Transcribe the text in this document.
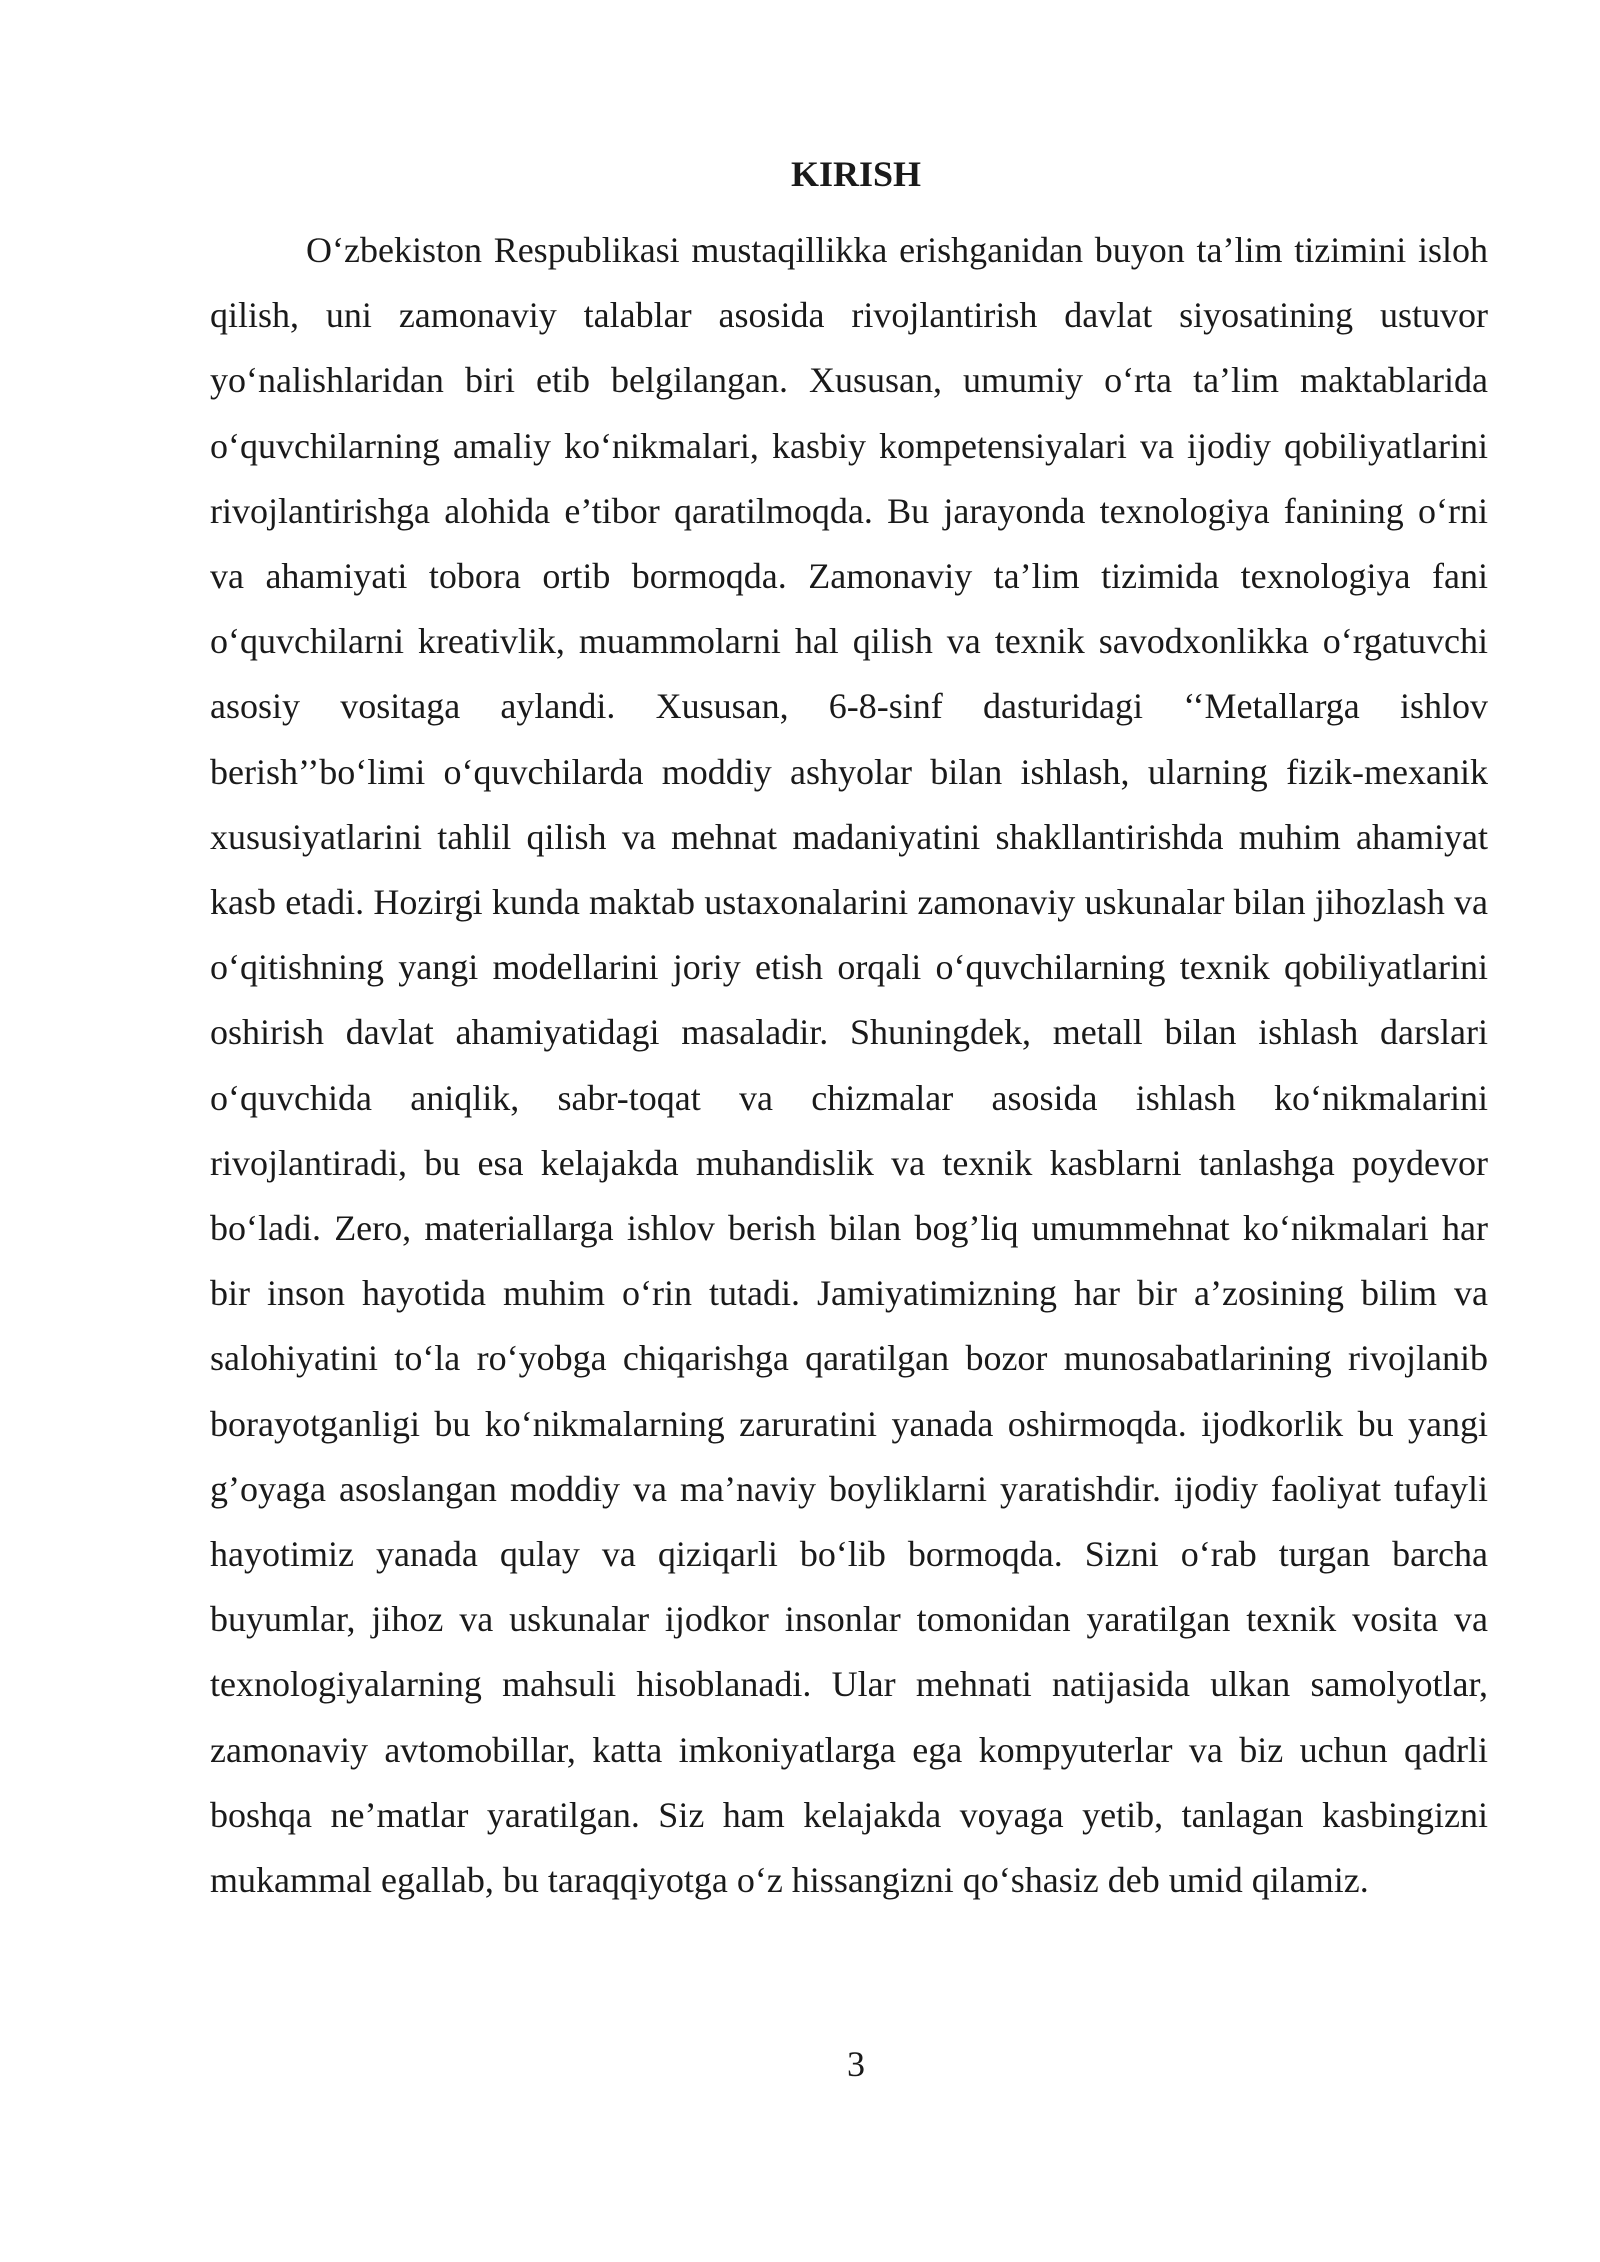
KIRISH

O‘zbekiston Respublikasi mustaqillikka erishganidan buyon ta’lim tizimini isloh qilish, uni zamonaviy talablar asosida rivojlantirish davlat siyosatining ustuvor yo‘nalishlaridan biri etib belgilangan. Xususan, umumiy o‘rta ta’lim maktablarida o‘quvchilarning amaliy ko‘nikmalari, kasbiy kompetensiyalari va ijodiy qobiliyatlarini rivojlantirishga alohida e’tibor qaratilmoqda. Bu jarayonda texnologiya fanining o‘rni va ahamiyati tobora ortib bormoqda. Zamonaviy ta’lim tizimida texnologiya fani o‘quvchilarni kreativlik, muammolarni hal qilish va texnik savodxonlikka o‘rgatuvchi asosiy vositaga aylandi. Xususan, 6-8-sinf dasturidagi ‘‘Metallarga ishlov berish’’bo‘limi o‘quvchilarda moddiy ashyolar bilan ishlash, ularning fizik-mexanik xususiyatlarini tahlil qilish va mehnat madaniyatini shakllantirishda muhim ahamiyat kasb etadi. Hozirgi kunda maktab ustaxonalarini zamonaviy uskunalar bilan jihozlash va o‘qitishning yangi modellarini joriy etish orqali o‘quvchilarning texnik qobiliyatlarini oshirish davlat ahamiyatidagi masaladir. Shuningdek, metall bilan ishlash darslari o‘quvchida aniqlik, sabr-toqat va chizmalar asosida ishlash ko‘nikmalarini rivojlantiradi, bu esa kelajakda muhandislik va texnik kasblarni tanlashga poydevor bo‘ladi. Zero, materiallarga ishlov berish bilan bog’liq umummehnat ko‘nikmalari har bir inson hayotida muhim o‘rin tutadi. Jamiyatimizning har bir a’zosining bilim va salohiyatini to‘la ro‘yobga chiqarishga qaratilgan bozor munosabatlarining rivojlanib borayotganligi bu ko‘nikmalarning zaruratini yanada oshirmoqda. ijodkorlik bu yangi g’oyaga asoslangan moddiy va ma’naviy boyliklarni yaratishdir. ijodiy faoliyat tufayli hayotimiz yanada qulay va qiziqarli bo‘lib bormoqda. Sizni o‘rab turgan barcha buyumlar, jihoz va uskunalar ijodkor insonlar tomonidan yaratilgan texnik vosita va texnologiyalarning mahsuli hisoblanadi. Ular mehnati natijasida ulkan samolyotlar, zamonaviy avtomobillar, katta imkoniyatlarga ega kompyuterlar va biz uchun qadrli boshqa ne’matlar yaratilgan. Siz ham kelajakda voyaga yetib, tanlagan kasbingizni mukammal egallab, bu taraqqiyotga o‘z hissangizni qo‘shasiz deb umid qilamiz.

3
